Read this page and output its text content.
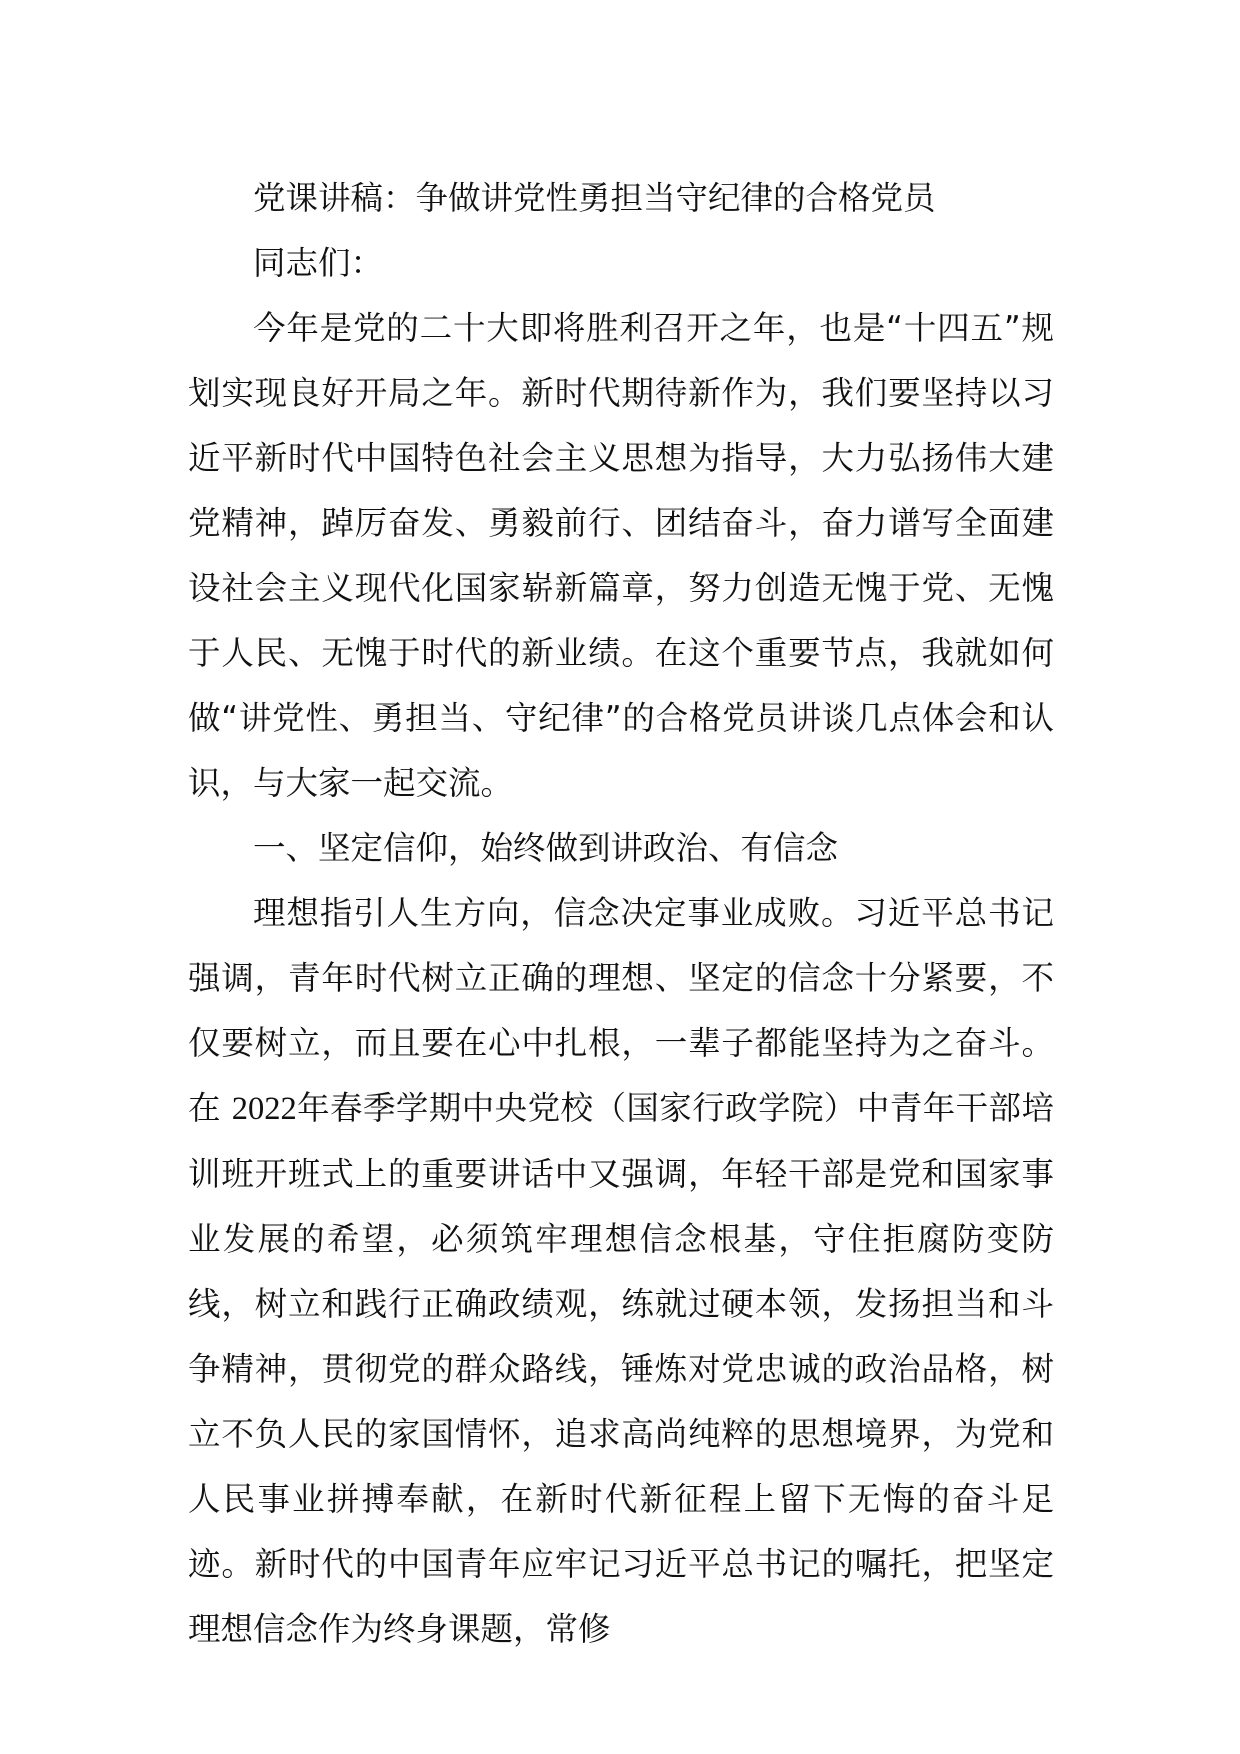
党课讲稿：争做讲党性勇担当守纪律的合格党员

同志们：

今年是党的二十大即将胜利召开之年，也是“十四五”规划实现良好开局之年。新时代期待新作为，我们要坚持以习近平新时代中国特色社会主义思想为指导，大力弘扬伟大建党精神，踔厉奋发、勇毅前行、团结奋斗，奋力谱写全面建设社会主义现代化国家崭新篇章，努力创造无愧于党、无愧于人民、无愧于时代的新业绩。在这个重要节点，我就如何做“讲党性、勇担当、守纪律”的合格党员讲谈几点体会和认识，与大家一起交流。

一、坚定信仰，始终做到讲政治、有信念

理想指引人生方向，信念决定事业成败。习近平总书记强调，青年时代树立正确的理想、坚定的信念十分紧要，不仅要树立，而且要在心中扎根，一辈子都能坚持为之奋斗。在 2022年春季学期中央党校（国家行政学院）中青年干部培训班开班式上的重要讲话中又强调，年轻干部是党和国家事业发展的希望，必须筑牢理想信念根基，守住拒腐防变防线，树立和践行正确政绩观，练就过硬本领，发扬担当和斗争精神，贯彻党的群众路线，锤炼对党忠诚的政治品格，树立不负人民的家国情怀，追求高尚纯粹的思想境界，为党和人民事业拼搏奉献，在新时代新征程上留下无悔的奋斗足迹。新时代的中国青年应牢记习近平总书记的嘱托，把坚定理想信念作为终身课题，常修
